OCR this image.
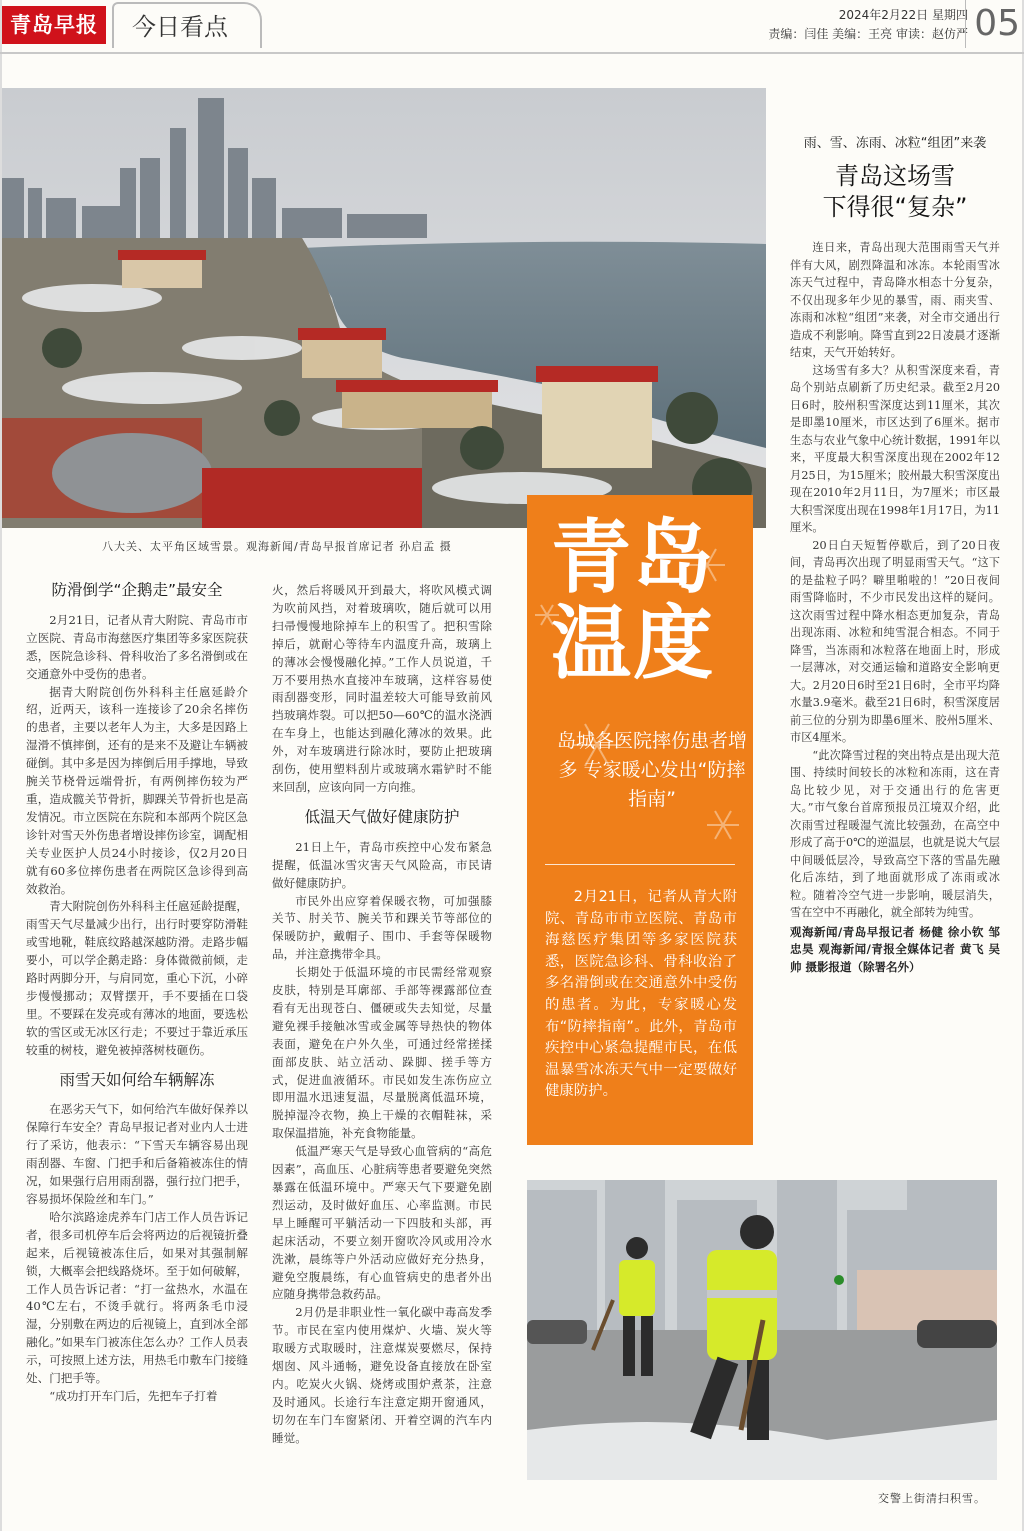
青岛早报	今日看点	2024年2月22日 星期四
责编：闫佳 美编：王亮 审读：赵仿严 05
八大关、太平角区域雪景。观海新闻/青岛早报首席记者 孙启孟 摄
防滑倒学“企鹅走”最安全

2月21日，记者从青大附院、青岛市市立医院、青岛市海慈医疗集团等多家医院获悉，医院急诊科、骨科收治了多名滑倒或在交通意外中受伤的患者。

据青大附院创伤外科科主任扈延龄介绍，近两天，该科一连接诊了20余名摔伤的患者，主要以老年人为主，大多是因路上湿滑不慎摔倒，还有的是来不及避让车辆被碰倒。其中多是因为摔倒后用手撑地，导致腕关节桡骨远端骨折，有两例摔伤较为严重，造成髋关节骨折，脚踝关节骨折也是高发情况。市立医院在东院和本部两个院区急诊针对雪天外伤患者增设摔伤诊室，调配相关专业医护人员24小时接诊，仅2月20日就有60多位摔伤患者在两院区急诊得到高效救治。

青大附院创伤外科科主任扈延龄提醒，雨雪天气尽量减少出行，出行时要穿防滑鞋或雪地靴，鞋底纹路越深越防滑。走路步幅要小，可以学企鹅走路：身体微微前倾，走路时两脚分开，与肩同宽，重心下沉，小碎步慢慢挪动；双臂摆开，手不要插在口袋里。不要踩在发亮或有薄冰的地面，要选松软的雪区或无冰区行走；不要过于靠近承压较重的树枝，避免被掉落树枝砸伤。

雨雪天如何给车辆解冻

在恶劣天气下，如何给汽车做好保养以保障行车安全？青岛早报记者对业内人士进行了采访，他表示：“下雪天车辆容易出现雨刮器、车窗、门把手和后备箱被冻住的情况，如果强行启用雨刮器，强行拉门把手，容易损坏保险丝和车门。”

哈尔滨路途虎养车门店工作人员告诉记者，很多司机停车后会将两边的后视镜折叠起来，后视镜被冻住后，如果对其强制解锁，大概率会把线路烧坏。至于如何破解，工作人员告诉记者：“打一盆热水，水温在40℃左右，不烫手就行。将两条毛巾浸湿，分别敷在两边的后视镜上，直到冰全部融化。”如果车门被冻住怎么办？工作人员表示，可按照上述方法，用热毛巾敷车门接缝处、门把手等。

“成功打开车门后，先把车子打着

火，然后将暖风开到最大，将吹风模式调为吹前风挡，对着玻璃吹，随后就可以用扫帚慢慢地除掉车上的积雪了。把积雪除掉后，就耐心等待车内温度升高，玻璃上的薄冰会慢慢融化掉。”工作人员说道，千万不要用热水直接冲车玻璃，这样容易使雨刮器变形，同时温差较大可能导致前风挡玻璃炸裂。可以把50—60℃的温水浇洒在车身上，也能达到融化薄冰的效果。此外，对车玻璃进行除冰时，要防止把玻璃刮伤，使用塑料刮片或玻璃水霜铲时不能来回刮，应该向同一方向推。

低温天气做好健康防护

21日上午，青岛市疾控中心发布紧急提醒，低温冰雪灾害天气风险高，市民请做好健康防护。

市民外出应穿着保暖衣物，可加强膝关节、肘关节、腕关节和踝关节等部位的保暖防护，戴帽子、围巾、手套等保暖物品，并注意携带伞具。

长期处于低温环境的市民需经常观察皮肤，特别是耳廓部、手部等裸露部位查看有无出现苍白、僵硬或失去知觉，尽量避免裸手接触冰雪或金属等导热快的物体表面，避免在户外久坐，可通过经常搓揉面部皮肤、站立活动、跺脚、搓手等方式，促进血液循环。市民如发生冻伤应立即用温水迅速复温，尽量脱离低温环境，脱掉湿冷衣物，换上干燥的衣帽鞋袜，采取保温措施，补充食物能量。

低温严寒天气是导致心血管病的“高危因素”，高血压、心脏病等患者要避免突然暴露在低温环境中。严寒天气下要避免剧烈运动，及时做好血压、心率监测。市民早上睡醒可平躺活动一下四肢和头部，再起床活动，不要立刻开窗吹冷风或用冷水洗漱，晨练等户外活动应做好充分热身，避免空腹晨练，有心血管病史的患者外出应随身携带急救药品。

2月仍是非职业性一氧化碳中毒高发季节。市民在室内使用煤炉、火墙、炭火等取暖方式取暖时，注意煤炭要燃尽，保持烟囱、风斗通畅，避免设备直接放在卧室内。吃炭火火锅、烧烤或围炉煮茶，注意及时通风。长途行车注意定期开窗通风，切勿在车门车窗紧闭、开着空调的汽车内睡觉。

青岛
温度
岛城各医院摔伤患者增多 专家暖心发出“防摔指南”
2月21日，记者从青大附院、青岛市市立医院、青岛市海慈医疗集团等多家医院获悉，医院急诊科、骨科收治了多名滑倒或在交通意外中受伤的患者。为此，专家暖心发布“防摔指南”。此外，青岛市疾控中心紧急提醒市民，在低温暴雪冰冻天气中一定要做好健康防护。
雨、雪、冻雨、冰粒“组团”来袭
青岛这场雪
下得很“复杂”

连日来，青岛出现大范围雨雪天气并伴有大风，剧烈降温和冰冻。本轮雨雪冰冻天气过程中，青岛降水相态十分复杂，不仅出现多年少见的暴雪，雨、雨夹雪、冻雨和冰粒“组团”来袭，对全市交通出行造成不利影响。降雪直到22日凌晨才逐渐结束，天气开始转好。

这场雪有多大？从积雪深度来看，青岛个别站点刷新了历史纪录。截至2月20日6时，胶州积雪深度达到11厘米，其次是即墨10厘米，市区达到了6厘米。据市生态与农业气象中心统计数据，1991年以来，平度最大积雪深度出现在2002年12月25日，为15厘米；胶州最大积雪深度出现在2010年2月11日，为7厘米；市区最大积雪深度出现在1998年1月17日，为11厘米。

20日白天短暂停歇后，到了20日夜间，青岛再次出现了明显雨雪天气。“这下的是盐粒子吗？噼里啪啦的！”20日夜间雨雪降临时，不少市民发出这样的疑问。这次雨雪过程中降水相态更加复杂，青岛出现冻雨、冰粒和纯雪混合相态。不同于降雪，当冻雨和冰粒落在地面上时，形成一层薄冰，对交通运输和道路安全影响更大。2月20日6时至21日6时，全市平均降水量3.9毫米。截至21日6时，积雪深度居前三位的分别为即墨6厘米、胶州5厘米、市区4厘米。

“此次降雪过程的突出特点是出现大范围、持续时间较长的冰粒和冻雨，这在青岛比较少见，对于交通出行的危害更大。”市气象台首席预报员江境双介绍，此次雨雪过程暖湿气流比较强劲，在高空中形成了高于0℃的逆温层，也就是说大气层中间暖低层冷，导致高空下落的雪晶先融化后冻结，到了地面就形成了冻雨或冰粒。随着冷空气进一步影响，暖层消失，雪在空中不再融化，就全部转为纯雪。

观海新闻/青岛早报记者 杨健 徐小钦 邹忠昊 观海新闻/青报全媒体记者 黄飞 吴帅 摄影报道（除署名外）
交警上街清扫积雪。
